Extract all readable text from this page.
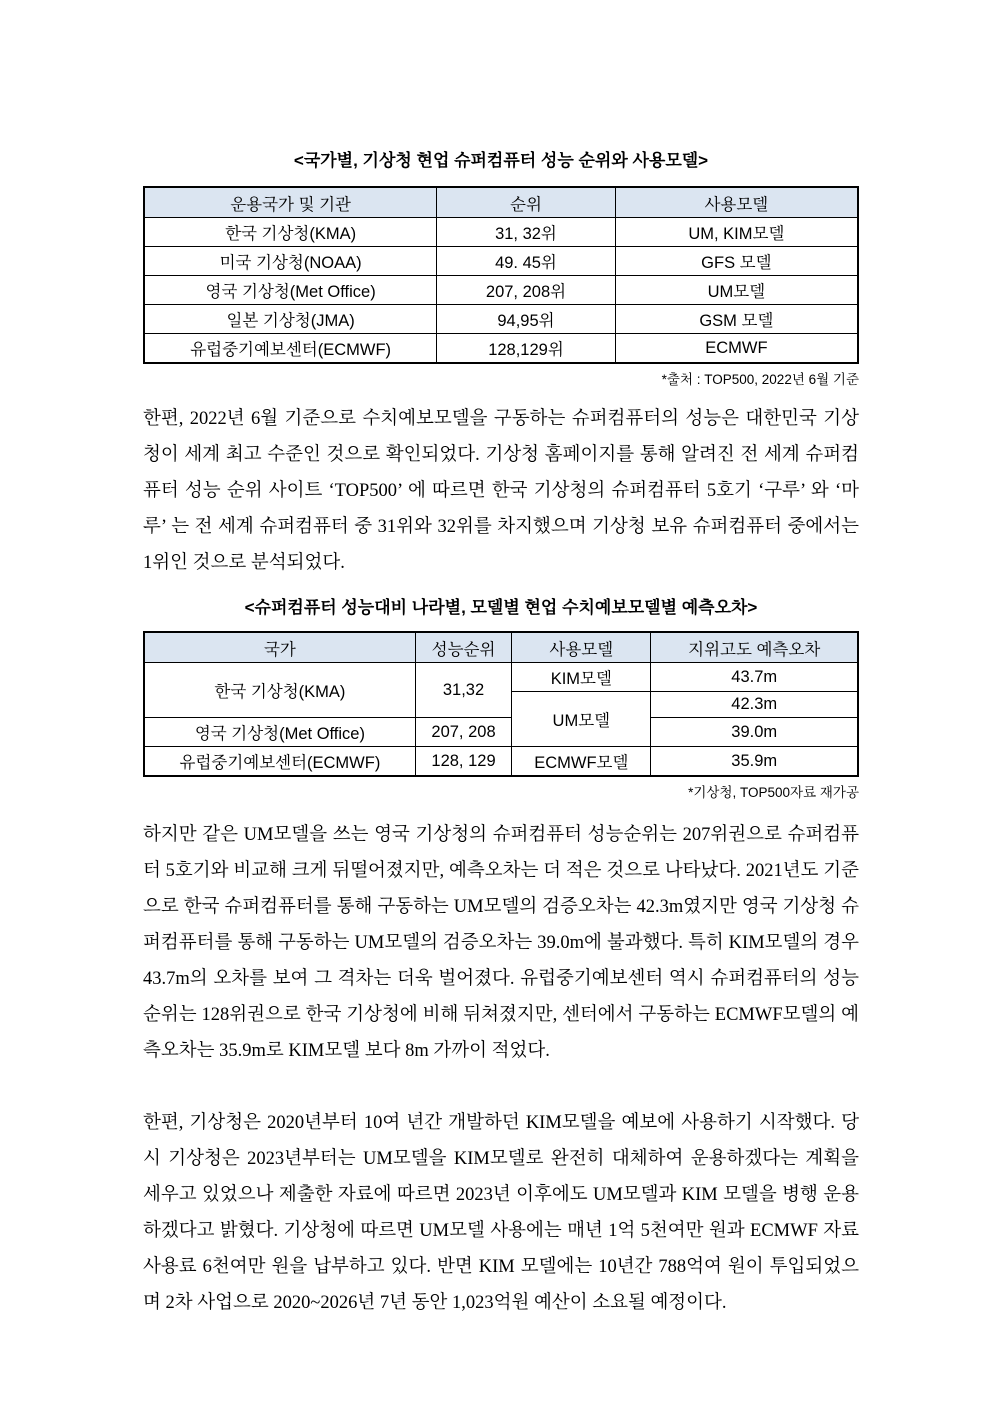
<국가별, 기상청 현업 슈퍼컴퓨터 성능 순위와 사용모델>
운용국가 및 기관	순위	사용모델
한국 기상청(KMA)	31, 32위	UM, KIM모델
미국 기상청(NOAA)	49. 45위	GFS 모델
영국 기상청(Met Office)	207, 208위	UM모델
일본 기상청(JMA)	94,95위	GSM 모델
유럽중기예보센터(ECMWF)	128,129위	ECMWF
*출처 : TOP500, 2022년 6월 기준

한편, 2022년 6월 기준으로 수치예보모델을 구동하는 슈퍼컴퓨터의 성능은 대한민국 기상청이 세계 최고 수준인 것으로 확인되었다. 기상청 홈페이지를 통해 알려진 전 세계 슈퍼컴퓨터 성능 순위 사이트 ‘TOP500’ 에 따르면 한국 기상청의 슈퍼컴퓨터 5호기 ‘구루’ 와 ‘마루’ 는 전 세계 슈퍼컴퓨터 중 31위와 32위를 차지했으며 기상청 보유 슈퍼컴퓨터 중에서는 1위인 것으로 분석되었다.

<슈퍼컴퓨터 성능대비 나라별, 모델별 현업 수치예보모델별 예측오차>
국가	성능순위	사용모델	지위고도 예측오차
한국 기상청(KMA)	31,32	KIM모델	43.7m
		UM모델	42.3m
영국 기상청(Met Office)	207, 208		39.0m
유럽중기예보센터(ECMWF)	128, 129	ECMWF모델	35.9m
*기상청, TOP500자료 재가공

하지만 같은 UM모델을 쓰는 영국 기상청의 슈퍼컴퓨터 성능순위는 207위권으로 슈퍼컴퓨터 5호기와 비교해 크게 뒤떨어졌지만, 예측오차는 더 적은 것으로 나타났다. 2021년도 기준으로 한국 슈퍼컴퓨터를 통해 구동하는 UM모델의 검증오차는 42.3m였지만 영국 기상청 슈퍼컴퓨터를 통해 구동하는 UM모델의 검증오차는 39.0m에 불과했다. 특히 KIM모델의 경우 43.7m의 오차를 보여 그 격차는 더욱 벌어졌다. 유럽중기예보센터 역시 슈퍼컴퓨터의 성능순위는 128위권으로 한국 기상청에 비해 뒤쳐졌지만, 센터에서 구동하는 ECMWF모델의 예측오차는 35.9m로 KIM모델 보다 8m 가까이 적었다.

한편, 기상청은 2020년부터 10여 년간 개발하던 KIM모델을 예보에 사용하기 시작했다. 당시 기상청은 2023년부터는 UM모델을 KIM모델로 완전히 대체하여 운용하겠다는 계획을 세우고 있었으나 제출한 자료에 따르면 2023년 이후에도 UM모델과 KIM 모델을 병행 운용하겠다고 밝혔다. 기상청에 따르면 UM모델 사용에는 매년 1억 5천여만 원과 ECMWF 자료 사용료 6천여만 원을 납부하고 있다. 반면 KIM 모델에는 10년간 788억여 원이 투입되었으며 2차 사업으로 2020~2026년 7년 동안 1,023억원 예산이 소요될 예정이다.
